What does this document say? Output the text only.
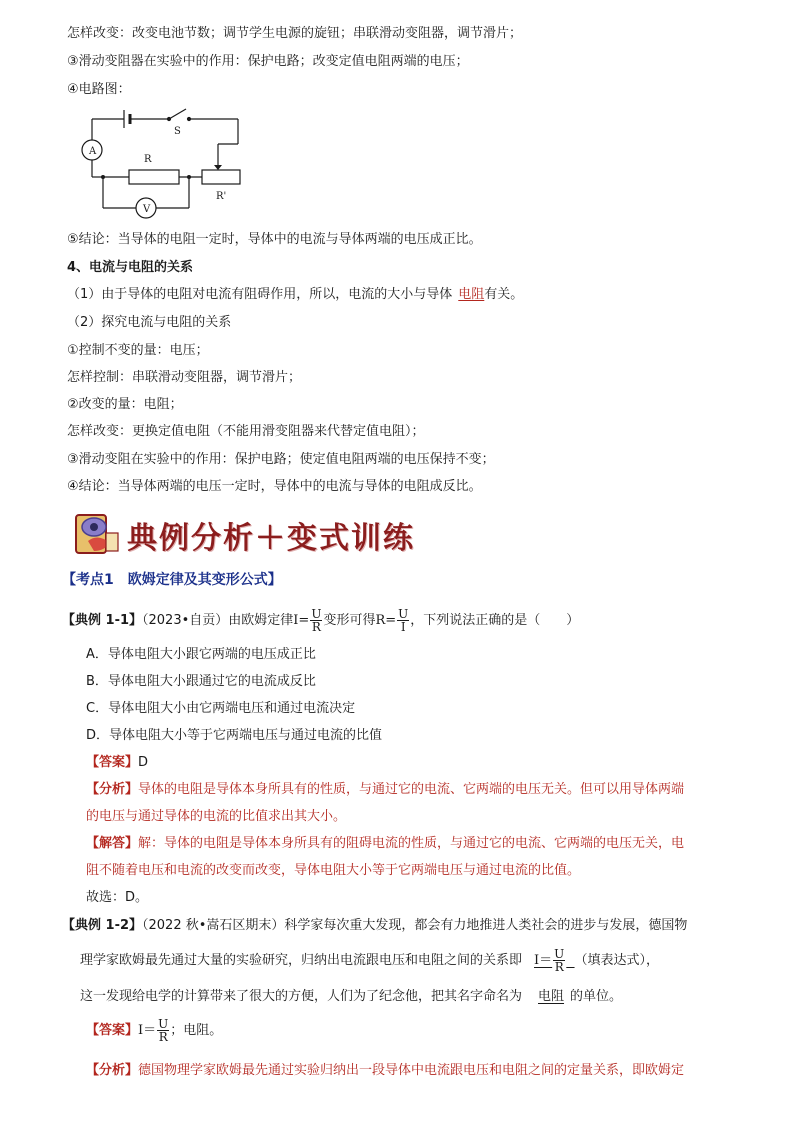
怎样改变：改变电池节数；调节学生电源的旋钮；串联滑动变阻器，调节滑片；
③滑动变阻器在实验中的作用：保护电路；改变定值电阻两端的电压；
④电路图：
A
V
S
R
R'
⑤结论：当导体的电阻一定时，导体中的电流与导体两端的电压成正比。
4、电流与电阻的关系
（1）由于导体的电阻对电流有阻碍作用，所以，电流的大小与导体 电阻有关。
（2）探究电流与电阻的关系
①控制不变的量：电压；
怎样控制：串联滑动变阻器，调节滑片；
②改变的量：电阻；
怎样改变：更换定值电阻（不能用滑变阻器来代替定值电阻）；
③滑动变阻在实验中的作用：保护电路；使定值电阻两端的电压保持不变；
④结论：当导体两端的电压一定时，导体中的电流与导体的电阻成反比。
典例分析＋变式训练
【考点1　欧姆定律及其变形公式】
【典例 1-1】（2023•自贡）由欧姆定律$I= \frac{U}{R}$ 变形可得$R= \frac{U}{I}$ ，下列说法正确的是（　　）
A．导体电阻大小跟它两端的电压成正比
B．导体电阻大小跟通过它的电流成反比
C．导体电阻大小由它两端电压和通过电流决定
D．导体电阻大小等于它两端电压与通过电流的比值
【答案】D
【分析】导体的电阻是导体本身所具有的性质，与通过它的电流、它两端的电压无关。但可以用导体两端
的电压与通过导体的电流的比值求出其大小。
【解答】解：导体的电阻是导体本身所具有的阻碍电流的性质，与通过它的电流、它两端的电压无关，电
阻不随着电压和电流的改变而改变，导体电阻大小等于它两端电压与通过电流的比值。
故选：D。
【典例 1-2】（2022 秋•嵩石区期末）科学家每次重大发现，都会有力地推进人类社会的进步与发展，德国物
理学家欧姆最先通过大量的实验研究，归纳出电流跟电压和电阻之间的关系即 $I= \frac{U}{R}$ （填表达式），
这一发现给电学的计算带来了很大的方便，人们为了纪念他，把其名字命名为 电阻 的单位。
【答案】$I= \frac{U}{R}$ ；电阻。
【分析】德国物理学家欧姆最先通过实验归纳出一段导体中电流跟电压和电阻之间的定量关系，即欧姆定
